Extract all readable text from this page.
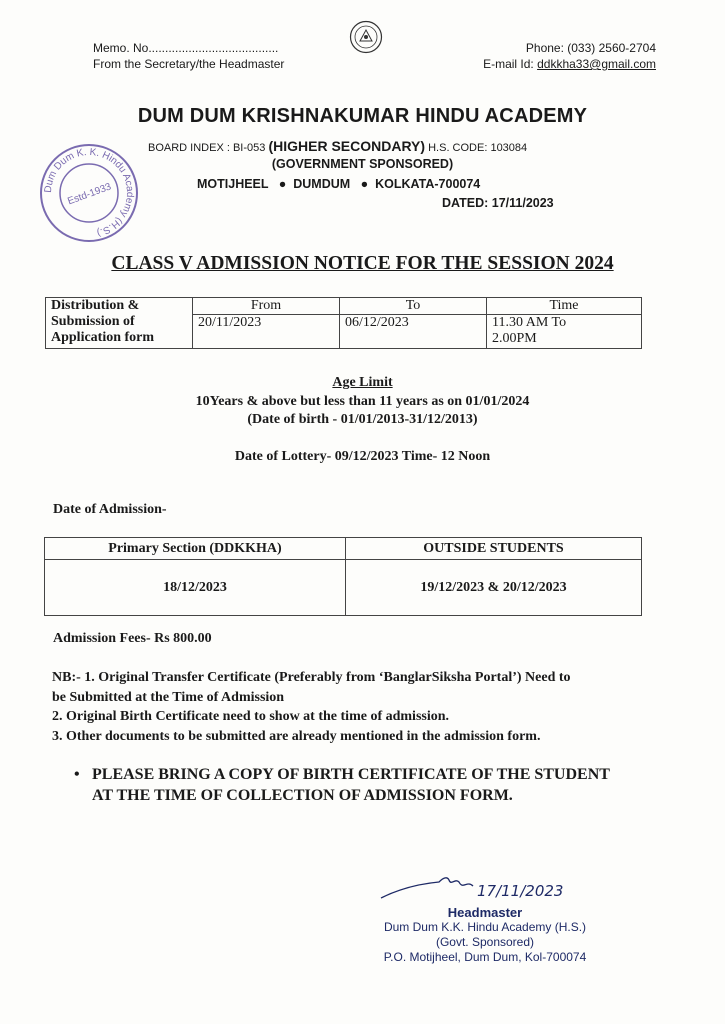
Memo. No.......................................
From the Secretary/the Headmaster
Phone: (033) 2560-2704
E-mail Id: ddkkha33@gmail.com
DUM DUM KRISHNAKUMAR HINDU ACADEMY
BOARD INDEX : BI-053 (HIGHER SECONDARY) H.S. CODE: 103084
(GOVERNMENT SPONSORED)
MOTIJHEEL   ●  DUMDUM   ●  KOLKATA-700074
DATED: 17/11/2023
Dum Dum K. K. Hindu Academy (H.S.)
Estd-1933
CLASS V ADMISSION NOTICE FOR THE SESSION 2024
Distribution &
Submission of
Application form	From	To	Time
	20/11/2023	06/12/2023	11.30 AM To
2.00PM
Age Limit
10Years & above but less than 11 years as on 01/01/2024
(Date of birth - 01/01/2013-31/12/2013)
Date of Lottery- 09/12/2023 Time- 12 Noon
Date of Admission-
Primary Section (DDKKHA)	OUTSIDE STUDENTS
18/12/2023	19/12/2023 & 20/12/2023
Admission Fees- Rs 800.00
NB:- 1. Original Transfer Certificate (Preferably from ‘BanglarSiksha Portal’) Need to
be Submitted at the Time of Admission
2. Original Birth Certificate need to show at the time of admission.
3. Other documents to be submitted are already mentioned in the admission form.
• PLEASE BRING A COPY OF BIRTH CERTIFICATE OF THE STUDENT AT THE TIME OF COLLECTION OF ADMISSION FORM.
17/11/2023
Headmaster
Dum Dum K.K. Hindu Academy (H.S.)
(Govt. Sponsored)
P.O. Motijheel, Dum Dum, Kol-700074
